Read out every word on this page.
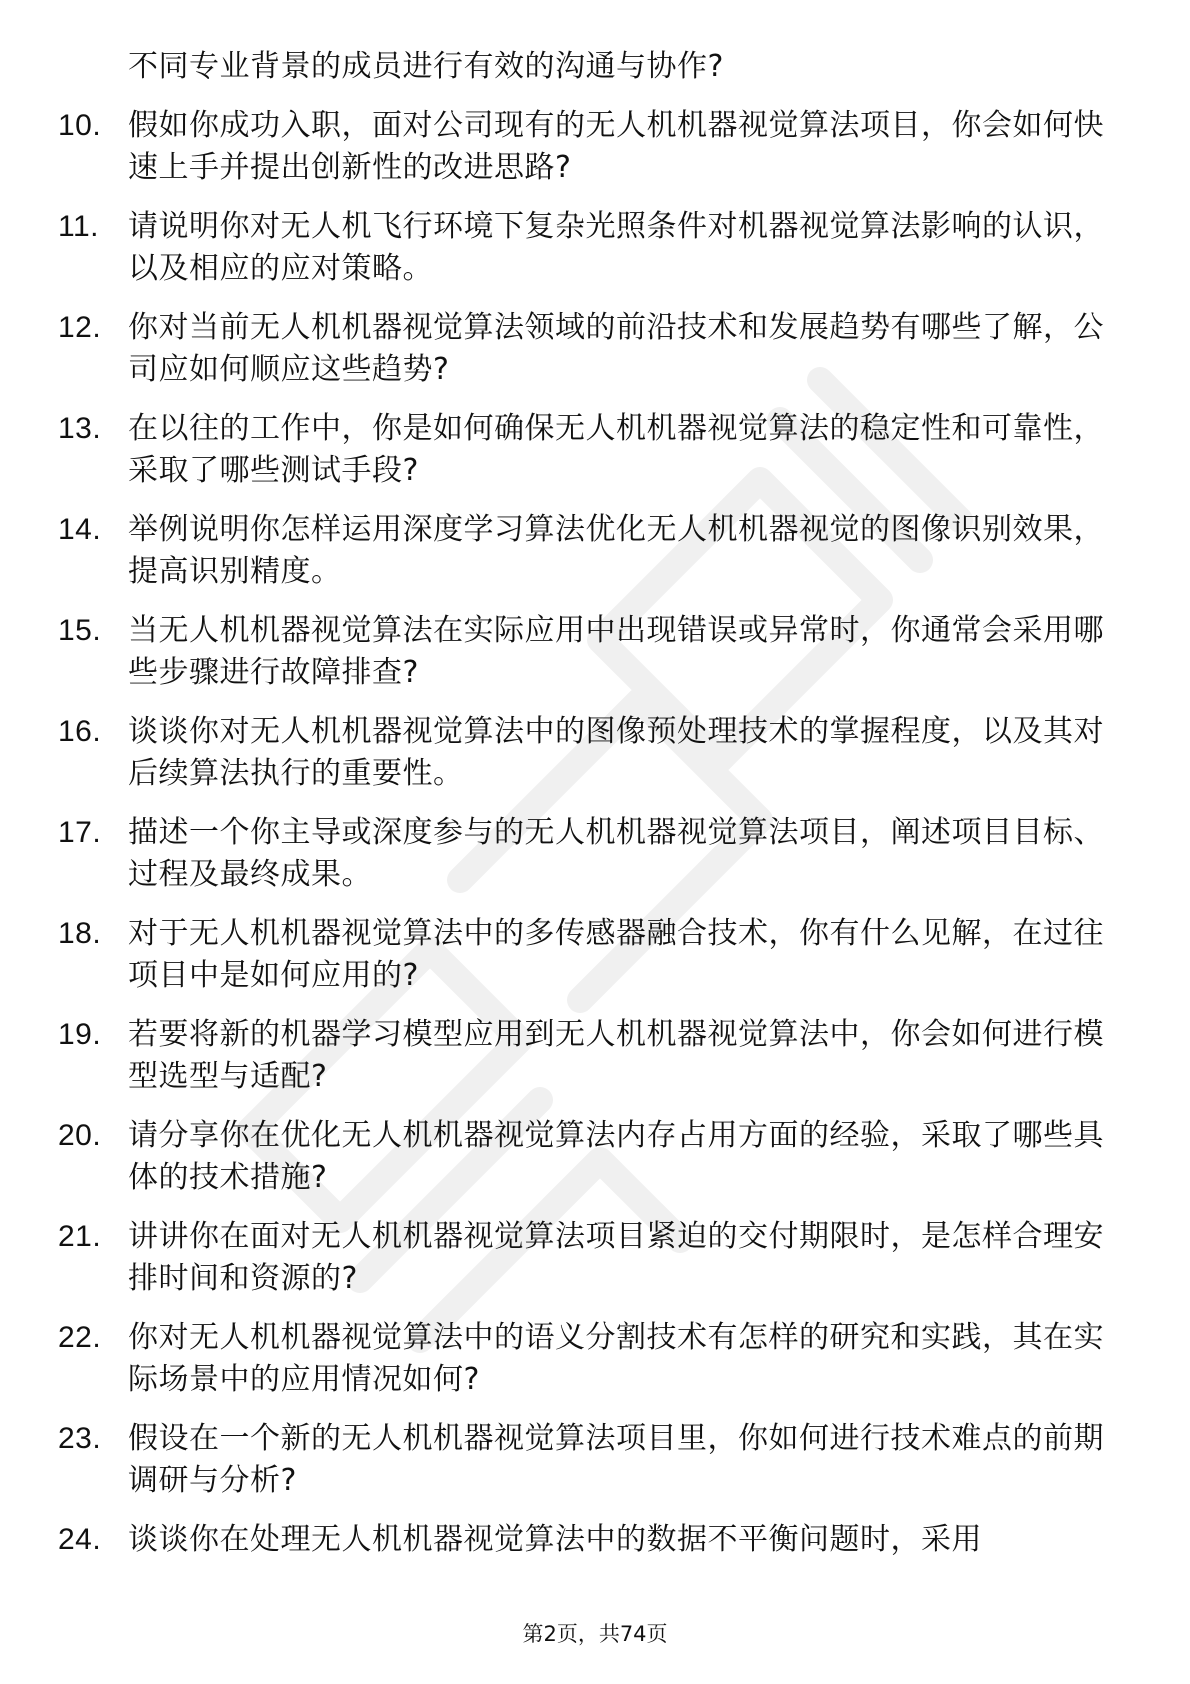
不同专业背景的成员进行有效的沟通与协作?
10. 假如你成功入职，面对公司现有的无人机机器视觉算法项目，你会如何快速上手并提出创新性的改进思路?
11. 请说明你对无人机飞行环境下复杂光照条件对机器视觉算法影响的认识，以及相应的应对策略。
12. 你对当前无人机机器视觉算法领域的前沿技术和发展趋势有哪些了解，公司应如何顺应这些趋势?
13. 在以往的工作中，你是如何确保无人机机器视觉算法的稳定性和可靠性，采取了哪些测试手段?
14. 举例说明你怎样运用深度学习算法优化无人机机器视觉的图像识别效果，提高识别精度。
15. 当无人机机器视觉算法在实际应用中出现错误或异常时，你通常会采用哪些步骤进行故障排查?
16. 谈谈你对无人机机器视觉算法中的图像预处理技术的掌握程度，以及其对后续算法执行的重要性。
17. 描述一个你主导或深度参与的无人机机器视觉算法项目，阐述项目目标、过程及最终成果。
18. 对于无人机机器视觉算法中的多传感器融合技术，你有什么见解，在过往项目中是如何应用的?
19. 若要将新的机器学习模型应用到无人机机器视觉算法中，你会如何进行模型选型与适配?
20. 请分享你在优化无人机机器视觉算法内存占用方面的经验，采取了哪些具体的技术措施?
21. 讲讲你在面对无人机机器视觉算法项目紧迫的交付期限时，是怎样合理安排时间和资源的?
22. 你对无人机机器视觉算法中的语义分割技术有怎样的研究和实践，其在实际场景中的应用情况如何?
23. 假设在一个新的无人机机器视觉算法项目里，你如何进行技术难点的前期调研与分析?
24. 谈谈你在处理无人机机器视觉算法中的数据不平衡问题时，采用
第2页，共74页
